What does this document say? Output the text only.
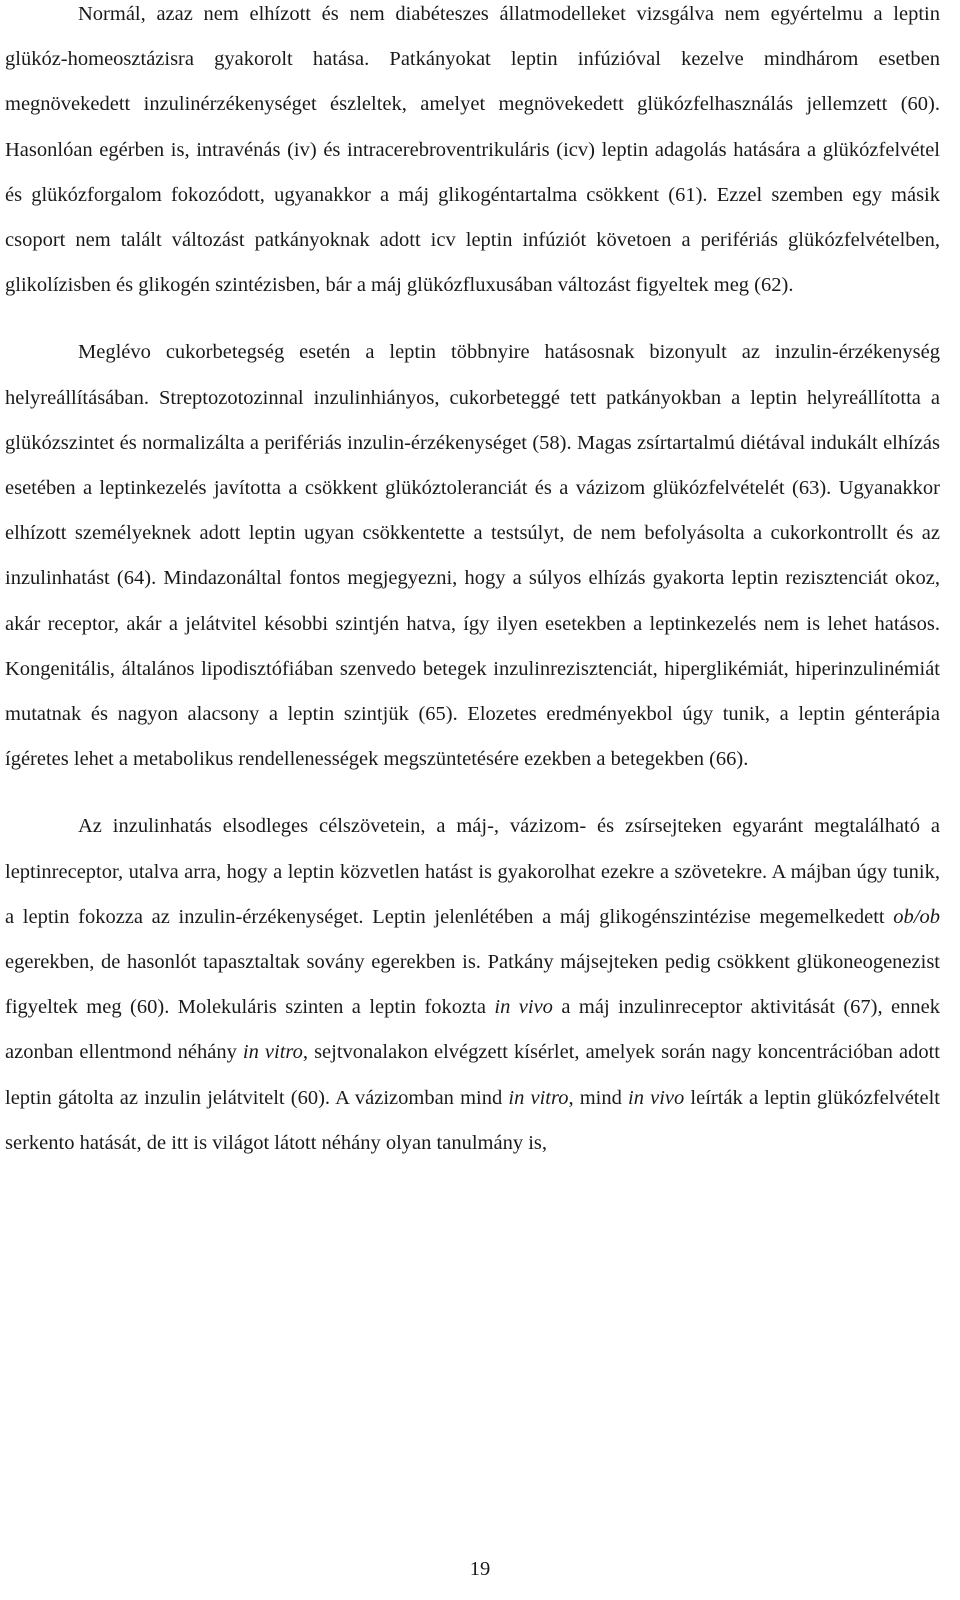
Normál, azaz nem elhízott és nem diabéteszes állatmodelleket vizsgálva nem egyértelmu a leptin glükóz-homeosztázisra gyakorolt hatása. Patkányokat leptin infúzióval kezelve mindhárom esetben megnövekedett inzulinérzékenységet észleltek, amelyet megnövekedett glükózfelhasználás jellemzett (60). Hasonlóan egérben is, intravénás (iv) és intracerebroventrikuláris (icv) leptin adagolás hatására a glükózfelvétel és glükózforgalom fokozódott, ugyanakkor a máj glikogéntartalma csökkent (61). Ezzel szemben egy másik csoport nem talált változást patkányoknak adott icv leptin infúziót követoen a perifériás glükózfelvételben, glikolízisben és glikogén szintézisben, bár a máj glükózfluxusában változást figyeltek meg (62).

Meglévo cukorbetegség esetén a leptin többnyire hatásosnak bizonyult az inzulin-érzékenység helyreállításában. Streptozotozinnal inzulinhiányos, cukorbeteggé tett patkányokban a leptin helyreállította a glükózszintet és normalizálta a perifériás inzulin-érzékenységet (58). Magas zsírtartalmú diétával indukált elhízás esetében a leptinkezelés javította a csökkent glükóztoleranciát és a vázizom glükózfelvételét (63). Ugyanakkor elhízott személyeknek adott leptin ugyan csökkentette a testsúlyt, de nem befolyásolta a cukorkontrollt és az inzulinhatást (64). Mindazonáltal fontos megjegyezni, hogy a súlyos elhízás gyakorta leptin rezisztenciát okoz, akár receptor, akár a jelátvitel késobbi szintjén hatva, így ilyen esetekben a leptinkezelés nem is lehet hatásos. Kongenitális, általános lipodisztófiában szenvedo betegek inzulinrezisztenciát, hiperglikémiát, hiperinzulinémiát mutatnak és nagyon alacsony a leptin szintjük (65). Elozetes eredményekbol úgy tunik, a leptin génterápia ígéretes lehet a metabolikus rendellenességek megszüntetésére ezekben a betegekben (66).

Az inzulinhatás elsodleges célszövetein, a máj-, vázizom- és zsírsejteken egyaránt megtalálható a leptinreceptor, utalva arra, hogy a leptin közvetlen hatást is gyakorolhat ezekre a szövetekre. A májban úgy tunik, a leptin fokozza az inzulin-érzékenységet. Leptin jelenlétében a máj glikogénszintézise megemelkedett ob/ob egerekben, de hasonlót tapasztaltak sovány egerekben is. Patkány májsejteken pedig csökkent glükoneogenezist figyeltek meg (60). Molekuláris szinten a leptin fokozta in vivo a máj inzulinreceptor aktivitását (67), ennek azonban ellentmond néhány in vitro, sejtvonalakon elvégzett kísérlet, amelyek során nagy koncentrációban adott leptin gátolta az inzulin jelátvitelt (60). A vázizomban mind in vitro, mind in vivo leírták a leptin glükózfelvételt serkento hatását, de itt is világot látott néhány olyan tanulmány is,

19
